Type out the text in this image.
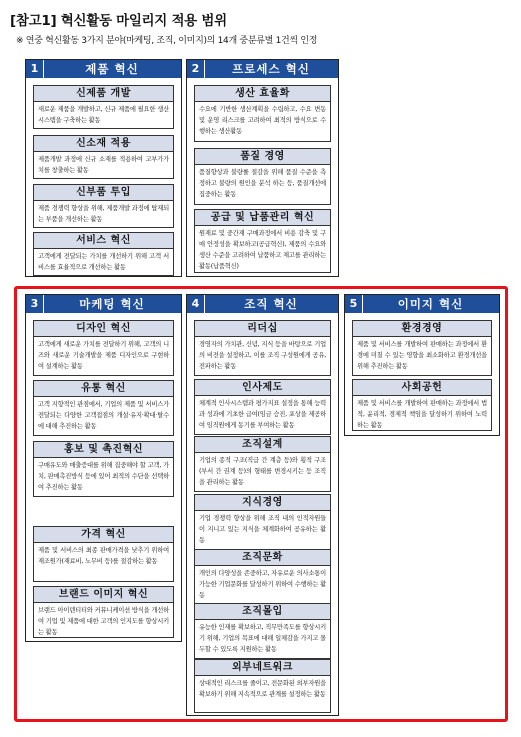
[참고1] 혁신활동 마일리지 적용 범위
※ 연중 혁신활동 3가지 분야(마케팅, 조직, 이미지)의 14개 중분류별 1건씩 인정
1	제품 혁신
신제품 개발
새로운 제품을 개발하고, 신규 제품에 필요한 생산 시스템을 구축하는 활동
신소재 적용
제품개발 과정에 신규 소재를 적용하여 고부가가치를 창출하는 활동
신부품 투입
제품 경쟁력 향상을 위해, 제품개발 과정에 탑재되는 부품을 개선하는 활동
서비스 혁신
고객에게 전달되는 가치를 개선하기 위해 고객 서비스를 효율적으로 개선하는 활동
2	프로세스 혁신
생산 효율화
수요에 기반한 생산계획을 수립하고, 수요 변동 및 운영 리스크를 고려하여 최적의 방식으로 수행하는 생산활동
품질 경영
품질향상과 불량률 절감을 위해 품질 수준을 측정하고 불량의 원인을 분석 하는 등, 품질개선에 집중하는 활동
공급 및 납품관리 혁신
원재료 및 중간재 구매과정에서 비용 감축 및 구매 안정성을 확보하고(공급혁신), 제품의 수요와 생산 수준을 고려하여 납품하고 재고를 관리하는 활동(납품혁신)
3	마케팅 혁신
디자인 혁신
고객에게 새로운 가치를 전달하기 위해, 고객의 니즈와 새로운 기술개발을 제품 디자인으로 구현하여 설계하는 활동
유통 혁신
고객 지향적인 관점에서, 기업의 제품 및 서비스가 전달되는 다양한 고객접점의 개설·유지·확대·탈수에 대해 추진하는 활동
홍보 및 촉진혁신
구매유도와 매출증대를 위해 집중해야 할 고객, 가치, 판매촉진방식 등에 있어 최적의 수단을 선택하여 추진하는 활동
가격 혁신
제품 및 서비스의 최종 판매가격을 낮추기 위하여 재조원가(재료비, 노무비 등)를 절감하는 활동
브랜드 이미지 혁신
브랜드 아이덴티티와 커뮤니케이션 방식을 개선하여 기업 및 제품에 대한 고객의 인지도를 향상시키는 활동
4	조직 혁신
리더십
경영자의 가치관, 신념, 지식 등을 바탕으로 기업의 비전을 설정하고, 이를 조직 구성원에게 공유, 전파하는 활동
인사제도
체계적 인사시스템과 평가지표 설정을 통해 능력과 성과에 기초한 급여(임금 승진, 포상을 제공하여 임직원에게 동기를 부여하는 활동
조직설계
기업의 종적 구조(직급 간 계층 등)와 횡적 구조(부서 간 권계 등)의 형태를 변경시키는 등 조직을 관리하는 활동
지식경영
기업 경쟁력 향상을 위해 조직 내의 인적자원들이 지니고 있는 지식을 체계화하여 공유하는 활동
조직문화
개인의 다양성을 존중하고, 자유로운 의사소통이 가능한 기업문화를 달성하기 위하여 수행하는 활동
조직몰입
유능한 인재를 확보하고, 직무만족도를 향상시키기 위해, 기업의 목표에 대해 일체감을 가지고 몰두할 수 있도록 지원하는 활동
외부네트워크
상대적인 리스크를 줄이고, 전문화된 외부자원을 확보하기 위해 지속적으로 관계를 설정하는 활동
5	이미지 혁신
환경경영
제품 및 서비스를 개발하여 판매하는 과정에서 환경에 미칠 수 있는 영향을 최소화하고 환경개선을 위해 추진하는 활동
사회공헌
제품 및 서비스를 개발하여 판매하는 과정에서 법적, 윤리적, 경제적 책임을 달성하기 위하여 노력하는 활동
